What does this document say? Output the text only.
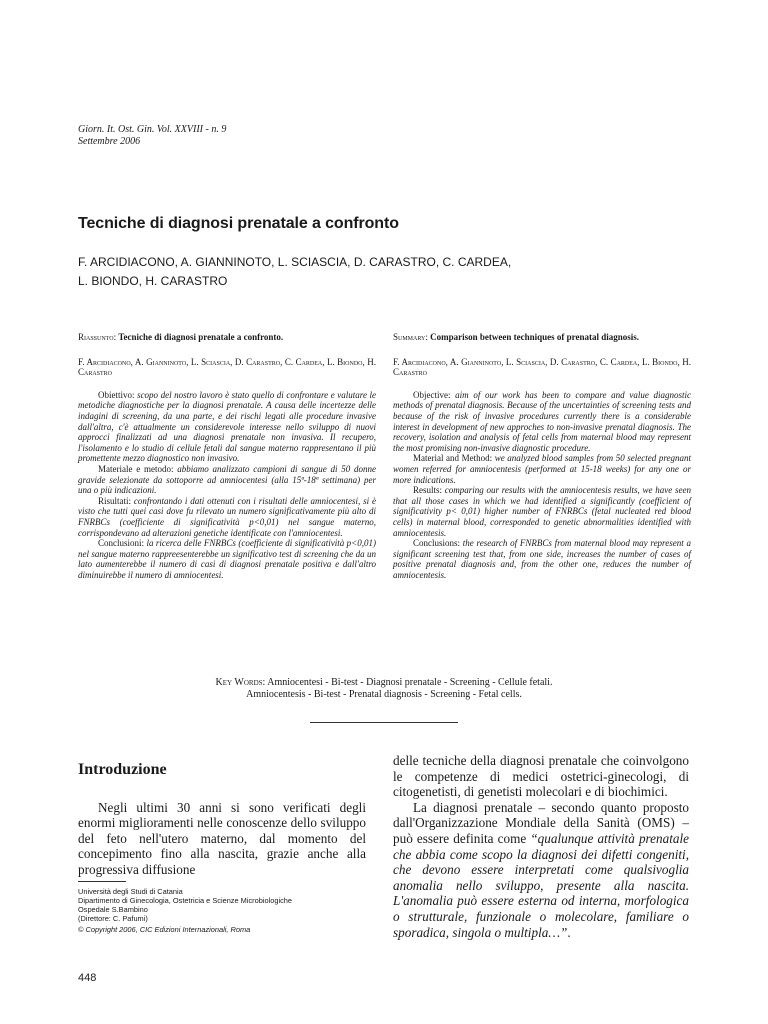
Giorn. It. Ost. Gin. Vol. XXVIII - n. 9
Settembre 2006
Tecniche di diagnosi prenatale a confronto
F. ARCIDIACONO, A. GIANNINOTO, L. SCIASCIA, D. CARASTRO, C. CARDEA,
L. BIONDO, H. CARASTRO
Riassunto: Tecniche di diagnosi prenatale a confronto.
F. Arcidiacono, A. Gianninoto, L. Sciascia, D. Carastro, C. Cardea, L. Biondo, H. Carastro
Obiettivo: scopo del nostro lavoro è stato quello di confrontare e valutare le metodiche diagnostiche per la diagnosi prenatale. A causa delle incertezze delle indagini di screening, da una parte, e dei rischi legati alle procedure invasive dall'altra, c'è attualmente un considerevole interesse nello sviluppo di nuovi approcci finalizzati ad una diagnosi prenatale non invasiva. Il recupero, l'isolamento e lo studio di cellule fetali dal sangue materno rappresentano il più promettente mezzo diagnostico non invasivo.
Materiale e metodo: abbiamo analizzato campioni di sangue di 50 donne gravide selezionate da sottoporre ad amniocentesi (alla 15ª-18ª settimana) per una o più indicazioni.
Risultati: confrontando i dati ottenuti con i risultati delle amniocentesi, si è visto che tutti quei casi dove fu rilevato un numero significativamente più alto di FNRBCs (coefficiente di significatività p<0,01) nel sangue materno, corrispondevano ad alterazioni genetiche identificate con l'amniocentesi.
Conclusioni: la ricerca delle FNRBCs (coefficiente di significatività p<0,01) nel sangue materno rappreesenterebbe un significativo test di screening che da un lato aumenterebbe il numero di casi di diagnosi prenatale positiva e dall'altro diminuirebbe il numero di amniocentesi.
Summary: Comparison between techniques of prenatal diagnosis.
F. Arcidiacono, A. Gianninoto, L. Sciascia, D. Carastro, C. Cardea, L. Biondo, H. Carastro
Objective: aim of our work has been to compare and value diagnostic methods of prenatal diagnosis. Because of the uncertainties of screening tests and because of the risk of invasive procedures currently there is a considerable interest in development of new approches to non-invasive prenatal diagnosis. The recovery, isolation and analysis of fetal cells from maternal blood may represent the most promising non-invasive diagnostic procedure.
Material and Method: we analyzed blood samples from 50 selected pregnant women referred for amniocentesis (performed at 15-18 weeks) for any one or more indications.
Results: comparing our results with the amniocentesis results, we have seen that all those cases in which we had identified a significantly (coefficient of significativity p< 0,01) higher number of FNRBCs (fetal nucleated red blood cells) in maternal blood, corresponded to genetic abnormalities identified with amniocentesis.
Conclusions: the research of FNRBCs from maternal blood may represent a significant screening test that, from one side, increases the number of cases of positive prenatal diagnosis and, from the other one, reduces the number of amniocentesis.
Key Words: Amniocentesi - Bi-test - Diagnosi prenatale - Screening - Cellule fetali.
Amniocentesis - Bi-test - Prenatal diagnosis - Screening - Fetal cells.
Introduzione
Negli ultimi 30 anni si sono verificati degli enormi miglioramenti nelle conoscenze dello sviluppo del feto nell'utero materno, dal momento del concepimento fino alla nascita, grazie anche alla progressiva diffusione
delle tecniche della diagnosi prenatale che coinvolgono le competenze di medici ostetrici-ginecologi, di citogenetisti, di genetisti molecolari e di biochimici.
La diagnosi prenatale – secondo quanto proposto dall'Organizzazione Mondiale della Sanità (OMS) – può essere definita come “qualunque attività prenatale che abbia come scopo la diagnosi dei difetti congeniti, che devono essere interpretati come qualsivoglia anomalia nello sviluppo, presente alla nascita. L'anomalia può essere esterna od interna, morfologica o strutturale, funzionale o molecolare, familiare o sporadica, singola o multipla…”.
Università degli Studi di Catania
Dipartimento di Ginecologia, Ostetricia e Scienze Microbiologiche
Ospedale S.Bambino
(Direttore: C. Pafumi)
© Copyright 2006, CIC Edizioni Internazionali, Roma
448
